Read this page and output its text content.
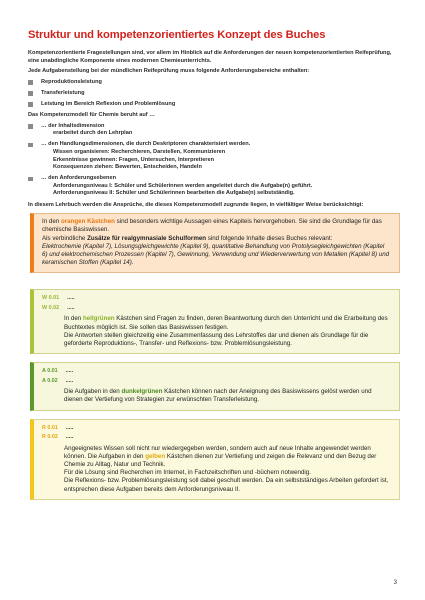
Struktur und kompetenzorientiertes Konzept des Buches

Kompetenzorientierte Fragestellungen sind, vor allem im Hinblick auf die Anforderungen der neuen kompetenzorientierten Reifeprüfung, eine unabdingliche Komponente eines modernen Chemieunterrichts.

Jede Aufgabenstellung bei der mündlichen Reifeprüfung muss folgende Anforderungsbereiche enthalten:

Reproduktionsleistung
Transferleistung
Leistung im Bereich Reflexion und Problemlösung

Das Kompetenzmodell für Chemie beruht auf …

… der Inhaltsdimension
erarbeitet durch den Lehrplan
… den Handlungsdimensionen, die durch Deskriptoren charakterisiert werden.
Wissen organisieren: Recherchieren, Darstellen, Kommunizieren
Erkenntnisse gewinnen: Fragen, Untersuchen, Interpretieren
Konsequenzen ziehen: Bewerten, Entscheiden, Handeln
… den Anforderungsebenen
Anforderungsniveau I: Schüler und Schülerinnen werden angeleitet durch die Aufgabe(n) geführt.
Anforderungsniveau II: Schüler und Schülerinnen bearbeiten die Aufgabe(n) selbstständig.

In diesem Lehrbuch werden die Ansprüche, die dieses Kompetenzmodell zugrunde liegen, in vielfältiger Weise berücksichtigt:

In den orangen Kästchen sind besonders wichtige Aussagen eines Kapiteis hervorgehoben. Sie sind die Grundlage für das chemische Basiswissen.
Als verbindliche Zusätze für realgymnasiale Schulformen sind folgende Inhalte dieses Buches relevant:
Elektrochemie (Kapitel 7), Lösungsgleichgewichte (Kapitel 9), quantitative Behandlung von Protolysegleichgewichten (Kapitel 6) und elektrochemischen Prozessen (Kapitel 7), Gewinnung, Verwendung und Wiederverwertung von Metallen (Kapitel 8) und keramischen Stoffen (Kapitel 14).
W 0.01 .....
W 0.02 .....
In den hellgrünen Kästchen sind Fragen zu finden, deren Beantwortung durch den Unterricht und die Erarbeitung des Buchtextes möglich ist. Sie sollen das Basiswissen festigen.
Die Antworten stellen gleichzeitig eine Zusammenfassung des Lehrstoffes dar und dienen als Grundlage für die geforderte Reproduktions-, Transfer- und Reflexions- bzw. Problemlösungsleistung.
A 0.01 .....
A 0.02 .....
Die Aufgaben in den dunkelgrünen Kästchen können nach der Aneignung des Basiswissens gelöst werden und dienen der Vertiefung von Strategien zur erwünschten Transferleistung.
R 0.01 .....
R 0.02 .....
Angeeignetes Wissen soll nicht nur wiedergegeben werden, sondern auch auf neue Inhalte angewendet werden können. Die Aufgaben in den gelben Kästchen dienen zur Vertiefung und zeigen die Relevanz und den Bezug der Chemie zu Alltag, Natur und Technik.
Für die Lösung sind Recherchen im Internet, in Fachzeitschriften und -büchern notwendig.
Die Reflexions- bzw. Problemlösungsleistung soll dabei geschult werden. Da ein selbstständiges Arbeiten gefordert ist, entsprechen diese Aufgaben bereits dem Anforderungsniveau II.
3
